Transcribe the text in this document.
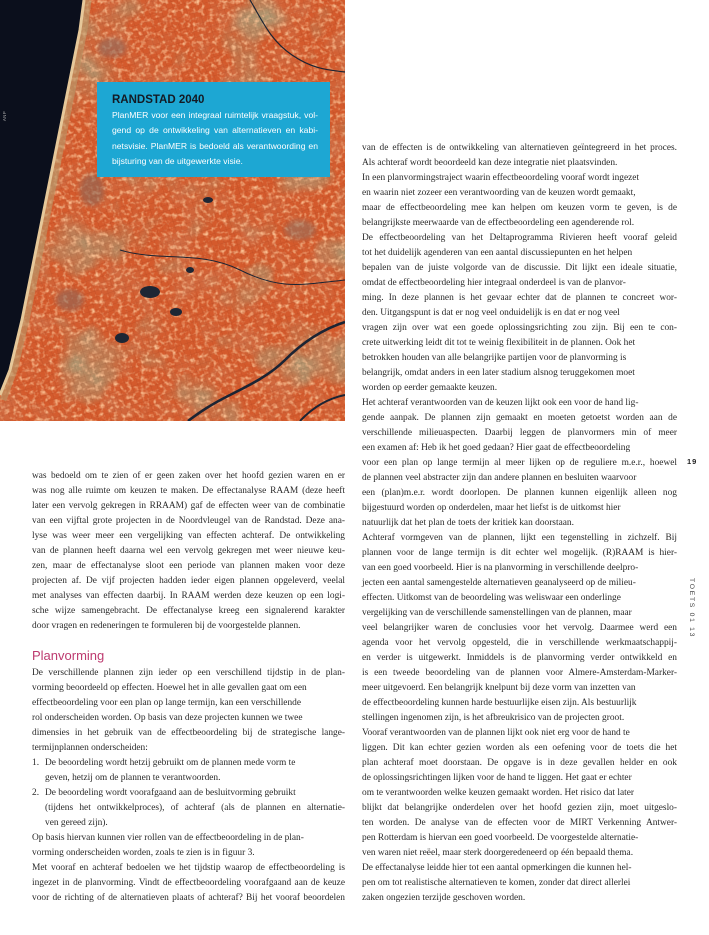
ANP
RANDSTAD 2040
PlanMER voor een integraal ruimtelijk vraagstuk, vol-
gend op de ontwikkeling van alternatieven en kabi-
netsvisie. PlanMER is bedoeld als verantwoording en
bijsturing van de uitgewerkte visie.
was bedoeld om te zien of er geen zaken over het hoofd gezien waren en er
was nog alle ruimte om keuzen te maken. De effectanalyse RAAM (deze heeft
later een vervolg gekregen in RRAAM) gaf de effecten weer van de combinatie
van een vijftal grote projecten in de Noordvleugel van de Randstad. Deze ana-
lyse was weer meer een vergelijking van effecten achteraf. De ontwikkeling
van de plannen heeft daarna wel een vervolg gekregen met weer nieuwe keu-
zen, maar de effectanalyse sloot een periode van plannen maken voor deze
projecten af. De vijf projecten hadden ieder eigen plannen opgeleverd, veelal
met analyses van effecten daarbij. In RAAM werden deze keuzen op een logi-
sche wijze samengebracht. De effectanalyse kreeg een signalerend karakter
door vragen en redeneringen te formuleren bij de voorgestelde plannen.
Planvorming
De verschillende plannen zijn ieder op een verschillend tijdstip in de plan-
vorming beoordeeld op effecten. Hoewel het in alle gevallen gaat om een
effectbeoordeling voor een plan op lange termijn, kan een verschillende
rol onderscheiden worden. Op basis van deze projecten kunnen we twee
dimensies in het gebruik van de effectbeoordeling bij de strategische lange-
termijnplannen onderscheiden:
1. De beoordeling wordt hetzij gebruikt om de plannen mede vorm te
geven, hetzij om de plannen te verantwoorden.
2. De beoordeling wordt voorafgaand aan de besluitvorming gebruikt
(tijdens het ontwikkelproces), of achteraf (als de plannen en alternatie-
ven gereed zijn).
Op basis hiervan kunnen vier rollen van de effectbeoordeling in de plan-
vorming onderscheiden worden, zoals te zien is in figuur 3.
Met vooraf en achteraf bedoelen we het tijdstip waarop de effectbeoordeling is
ingezet in de planvorming. Vindt de effectbeoordeling voorafgaand aan de keuze
voor de richting of de alternatieven plaats of achteraf? Bij het vooraf beoordelen
van de effecten is de ontwikkeling van alternatieven geïntegreerd in het proces.
Als achteraf wordt beoordeeld kan deze integratie niet plaatsvinden.
In een planvormingstraject waarin effectbeoordeling vooraf wordt ingezet
en waarin niet zozeer een verantwoording van de keuzen wordt gemaakt,
maar de effectbeoordeling mee kan helpen om keuzen vorm te geven, is de
belangrijkste meerwaarde van de effectbeoordeling een agenderende rol.
De effectbeoordeling van het Deltaprogramma Rivieren heeft vooraf geleid
tot het duidelijk agenderen van een aantal discussiepunten en het helpen
bepalen van de juiste volgorde van de discussie. Dit lijkt een ideale situatie,
omdat de effectbeoordeling hier integraal onderdeel is van de planvor-
ming. In deze plannen is het gevaar echter dat de plannen te concreet wor-
den. Uitgangspunt is dat er nog veel onduidelijk is en dat er nog veel
vragen zijn over wat een goede oplossingsrichting zou zijn. Bij een te con-
crete uitwerking leidt dit tot te weinig flexibiliteit in de plannen. Ook het
betrokken houden van alle belangrijke partijen voor de planvorming is
belangrijk, omdat anders in een later stadium alsnog teruggekomen moet
worden op eerder gemaakte keuzen.
Het achteraf verantwoorden van de keuzen lijkt ook een voor de hand lig-
gende aanpak. De plannen zijn gemaakt en moeten getoetst worden aan de
verschillende milieuaspecten. Daarbij leggen de planvormers min of meer
een examen af: Heb ik het goed gedaan? Hier gaat de effectbeoordeling
voor een plan op lange termijn al meer lijken op de reguliere m.e.r., hoewel
de plannen veel abstracter zijn dan andere plannen en besluiten waarvoor
een (plan)m.e.r. wordt doorlopen. De plannen kunnen eigenlijk alleen nog
bijgestuurd worden op onderdelen, maar het liefst is de uitkomst hier
natuurlijk dat het plan de toets der kritiek kan doorstaan.
Achteraf vormgeven van de plannen, lijkt een tegenstelling in zichzelf. Bij
plannen voor de lange termijn is dit echter wel mogelijk. (R)RAAM is hier-
van een goed voorbeeld. Hier is na planvorming in verschillende deelpro-
jecten een aantal samengestelde alternatieven geanalyseerd op de milieu-
effecten. Uitkomst van de beoordeling was weliswaar een onderlinge
vergelijking van de verschillende samenstellingen van de plannen, maar
veel belangrijker waren de conclusies voor het vervolg. Daarmee werd een
agenda voor het vervolg opgesteld, die in verschillende werkmaatschappij-
en verder is uitgewerkt. Inmiddels is de planvorming verder ontwikkeld en
is een tweede beoordeling van de plannen voor Almere-Amsterdam-Marker-
meer uitgevoerd. Een belangrijk knelpunt bij deze vorm van inzetten van
de effectbeoordeling kunnen harde bestuurlijke eisen zijn. Als bestuurlijk
stellingen ingenomen zijn, is het afbreukrisico van de projecten groot.
Vooraf verantwoorden van de plannen lijkt ook niet erg voor de hand te
liggen. Dit kan echter gezien worden als een oefening voor de toets die het
plan achteraf moet doorstaan. De opgave is in deze gevallen helder en ook
de oplossingsrichtingen lijken voor de hand te liggen. Het gaat er echter
om te verantwoorden welke keuzen gemaakt worden. Het risico dat later
blijkt dat belangrijke onderdelen over het hoofd gezien zijn, moet uitgeslo-
ten worden. De analyse van de effecten voor de MIRT Verkenning Antwer-
pen Rotterdam is hiervan een goed voorbeeld. De voorgestelde alternatie-
ven waren niet reëel, maar sterk doorgeredeneerd op één bepaald thema.
De effectanalyse leidde hier tot een aantal opmerkingen die kunnen hel-
pen om tot realistische alternatieven te komen, zonder dat direct allerlei
zaken ongezien terzijde geschoven worden.
19
TOETS 01 13
